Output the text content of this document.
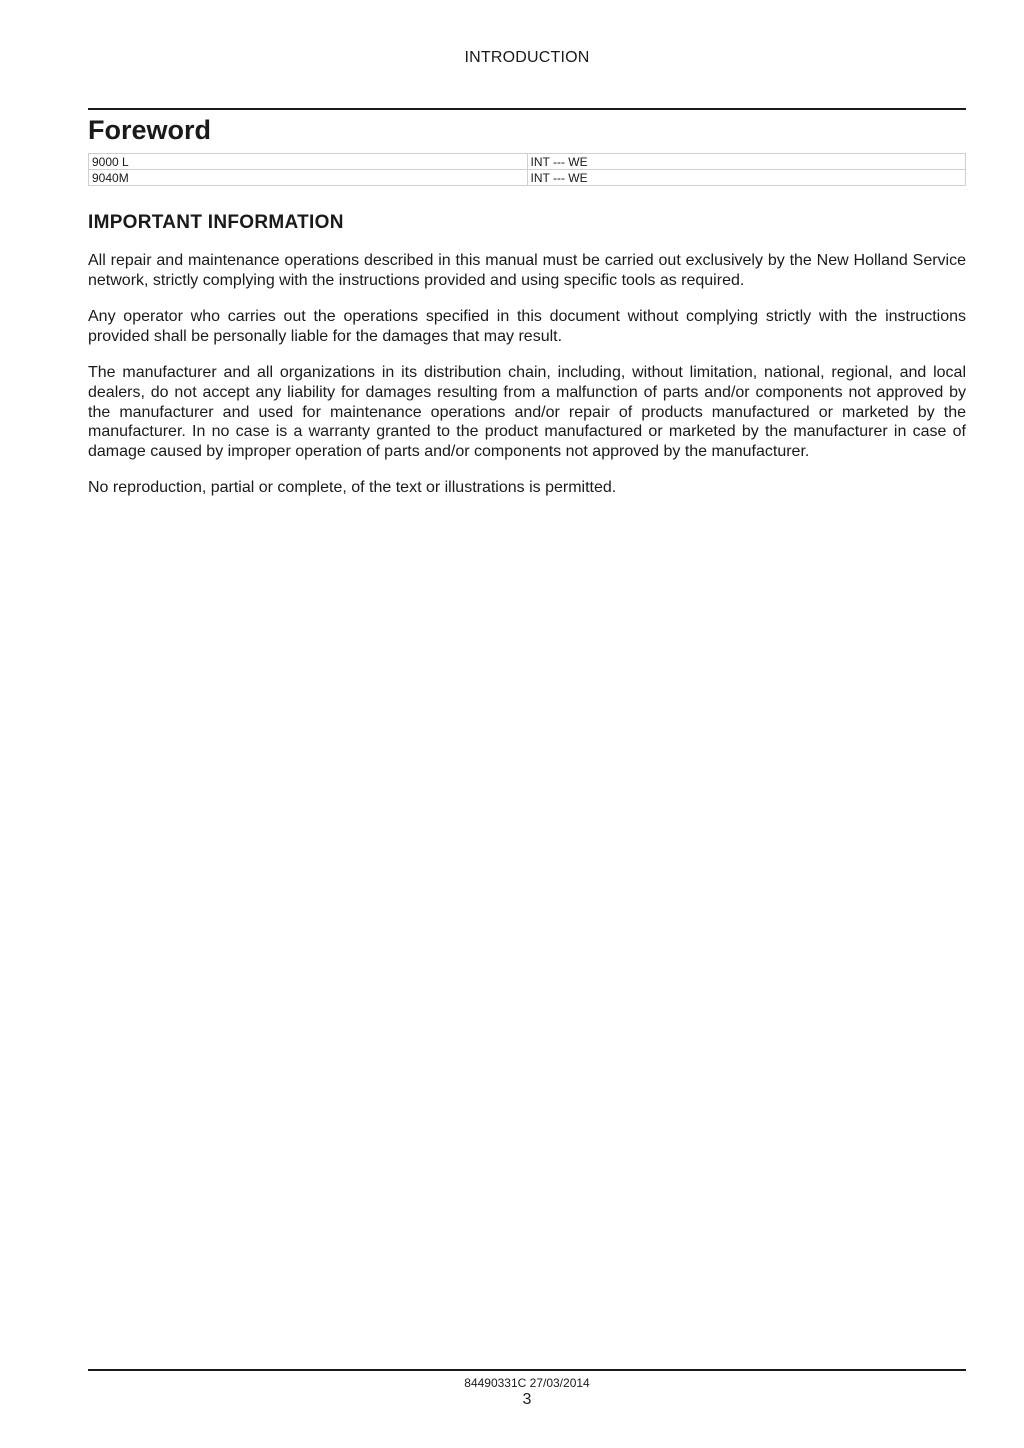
INTRODUCTION
Foreword
9000 L	INT --- WE
9040M	INT --- WE
IMPORTANT INFORMATION

All repair and maintenance operations described in this manual must be carried out exclusively by the New Holland Service network, strictly complying with the instructions provided and using specific tools as required.

Any operator who carries out the operations specified in this document without complying strictly with the instructions provided shall be personally liable for the damages that may result.

The manufacturer and all organizations in its distribution chain, including, without limitation, national, regional, and local dealers, do not accept any liability for damages resulting from a malfunction of parts and/or components not approved by the manufacturer and used for maintenance operations and/or repair of products manufactured or marketed by the manufacturer. In no case is a warranty granted to the product manufactured or marketed by the manufacturer in case of damage caused by improper operation of parts and/or components not approved by the manufacturer.

No reproduction, partial or complete, of the text or illustrations is permitted.

84490331C 27/03/2014
3
